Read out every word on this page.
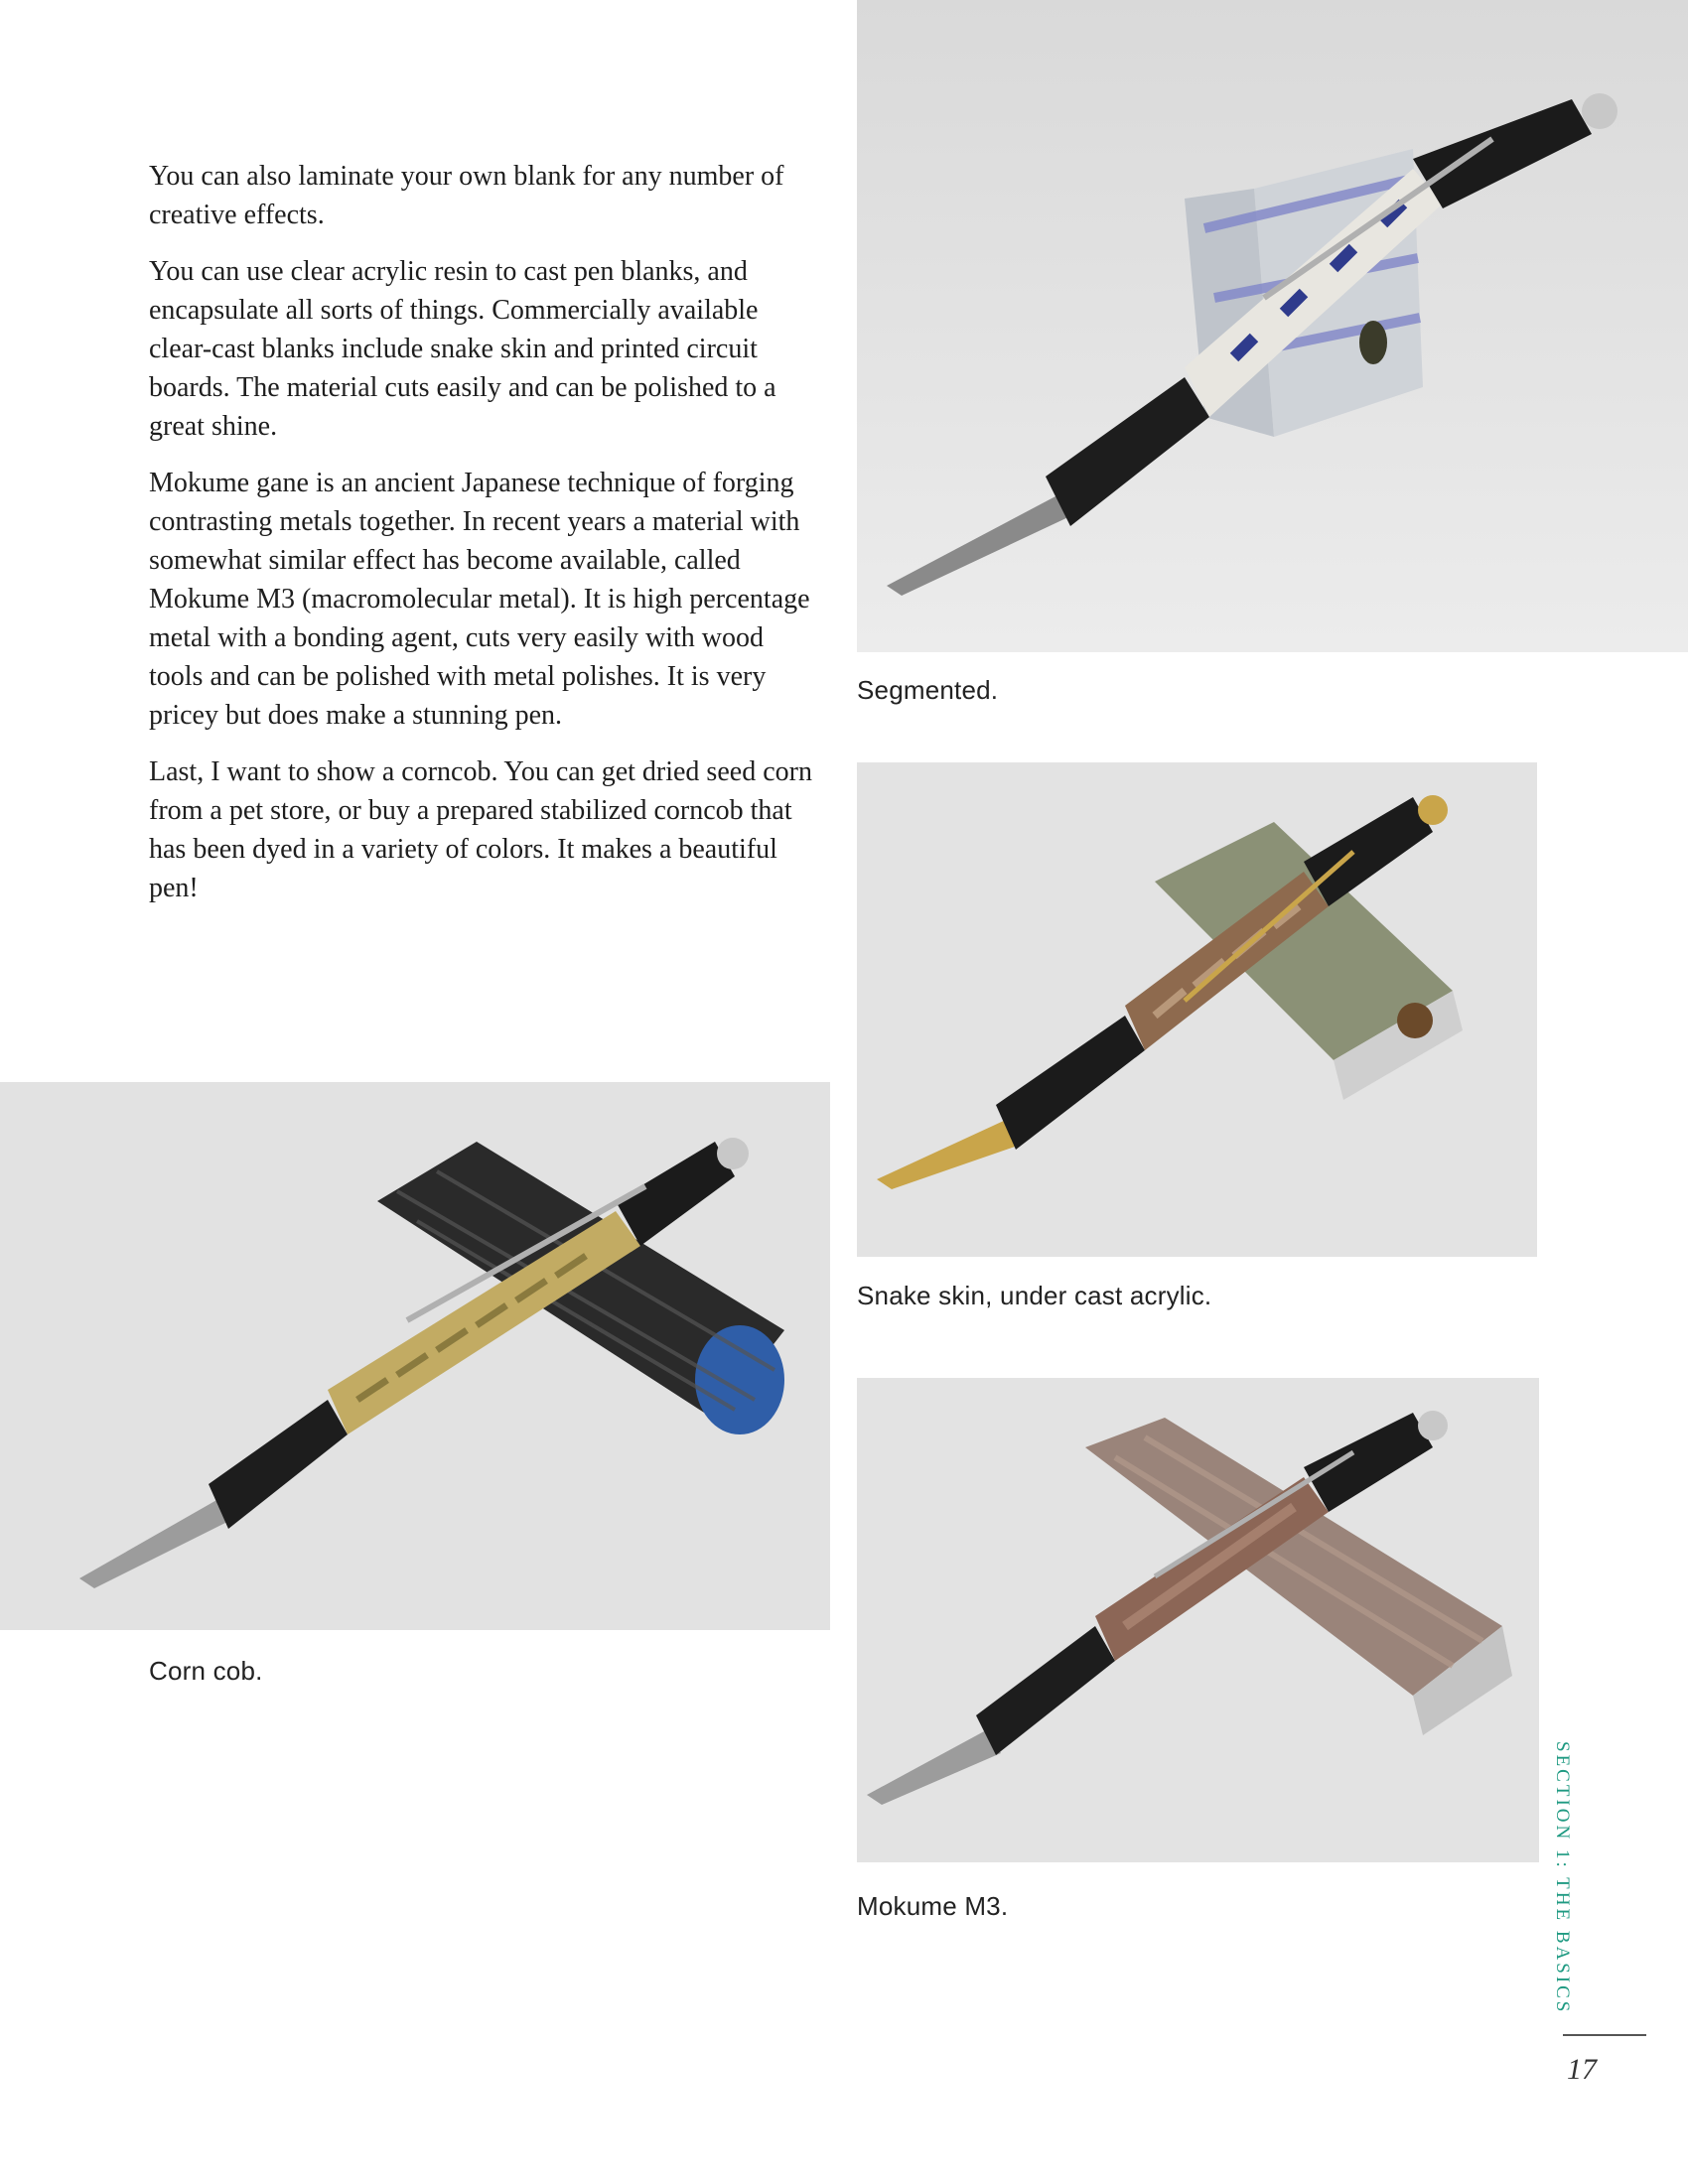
You can also laminate your own blank for any number of creative effects.

You can use clear acrylic resin to cast pen blanks, and encapsulate all sorts of things. Commercially available clear-cast blanks include snake skin and printed circuit boards. The material cuts easily and can be polished to a great shine.

Mokume gane is an ancient Japanese technique of forging contrasting metals together. In recent years a material with somewhat similar effect has become available, called Mokume M3 (macromolecular metal). It is high percentage metal with a bonding agent, cuts very easily with wood tools and can be polished with metal polishes. It is very pricey but does make a stunning pen.

Last, I want to show a corncob. You can get dried seed corn from a pet store, or buy a prepared stabilized corncob that has been dyed in a variety of colors. It makes a beautiful pen!

Segmented.
Snake skin, under cast acrylic.
Corn cob.
Mokume M3.	SECTION 1: THE BASICS
17
